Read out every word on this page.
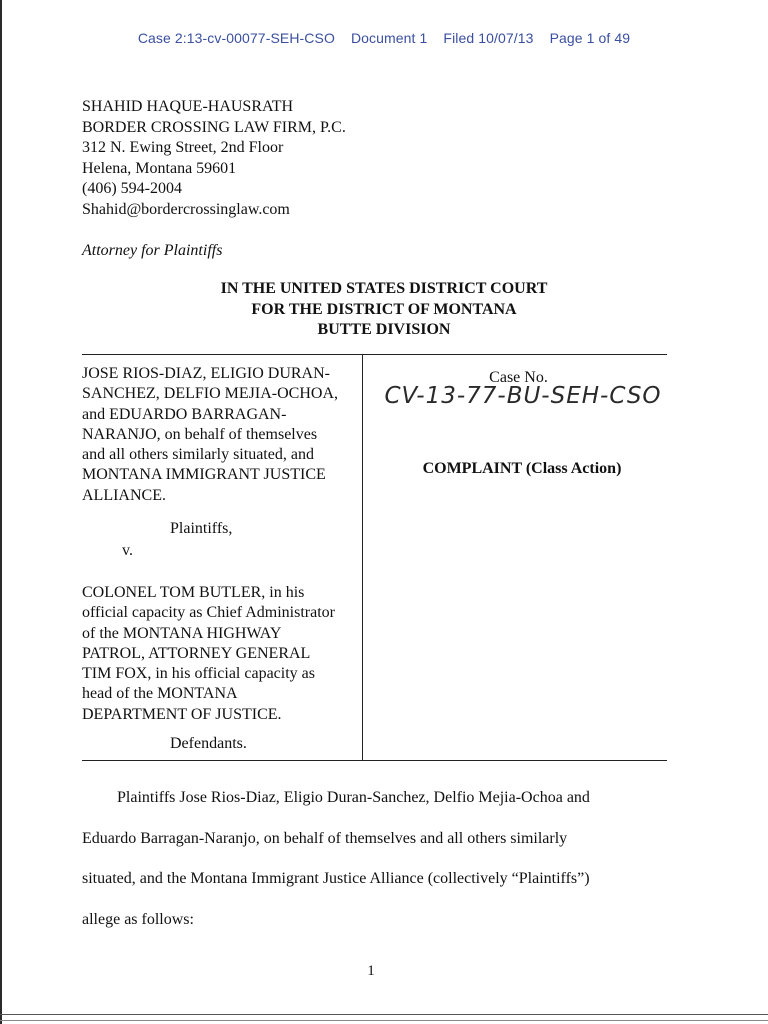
Case 2:13-cv-00077-SEH-CSO Document 1 Filed 10/07/13 Page 1 of 49
SHAHID HAQUE-HAUSRATH
BORDER CROSSING LAW FIRM, P.C.
312 N. Ewing Street, 2nd Floor
Helena, Montana 59601
(406) 594-2004
Shahid@bordercrossinglaw.com
Attorney for Plaintiffs
IN THE UNITED STATES DISTRICT COURT
FOR THE DISTRICT OF MONTANA
BUTTE DIVISION
JOSE RIOS-DIAZ, ELIGIO DURAN-
SANCHEZ, DELFIO MEJIA-OCHOA,
and EDUARDO BARRAGAN-
NARANJO, on behalf of themselves
and all others similarly situated, and
MONTANA IMMIGRANT JUSTICE
ALLIANCE.
Plaintiffs,
v.
COLONEL TOM BUTLER, in his
official capacity as Chief Administrator
of the MONTANA HIGHWAY
PATROL, ATTORNEY GENERAL
TIM FOX, in his official capacity as
head of the MONTANA
DEPARTMENT OF JUSTICE.
Defendants.
Case No.
CV-13-77-BU-SEH-CSO
COMPLAINT (Class Action)
Plaintiffs Jose Rios-Diaz, Eligio Duran-Sanchez, Delfio Mejia-Ochoa and
Eduardo Barragan-Naranjo, on behalf of themselves and all others similarly
situated, and the Montana Immigrant Justice Alliance (collectively “Plaintiffs”)
allege as follows:
1
